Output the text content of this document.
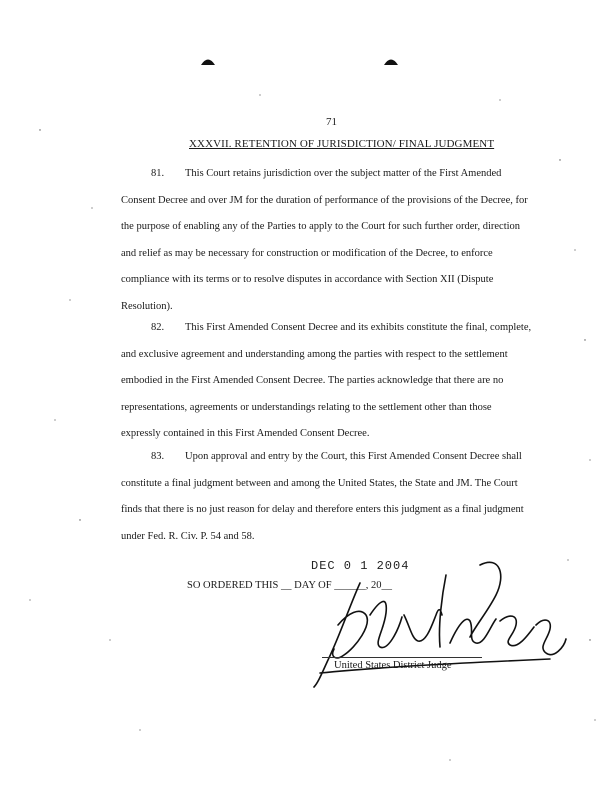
71
XXXVII. RETENTION OF JURISDICTION/ FINAL JUDGMENT
81. This Court retains jurisdiction over the subject matter of the First Amended
Consent Decree and over JM for the duration of performance of the provisions of the Decree, for
the purpose of enabling any of the Parties to apply to the Court for such further order, direction
and relief as may be necessary for construction or modification of the Decree, to enforce
compliance with its terms or to resolve disputes in accordance with Section XII (Dispute
Resolution).
82. This First Amended Consent Decree and its exhibits constitute the final, complete,
and exclusive agreement and understanding among the parties with respect to the settlement
embodied in the First Amended Consent Decree. The parties acknowledge that there are no
representations, agreements or understandings relating to the settlement other than those
expressly contained in this First Amended Consent Decree.
83. Upon approval and entry by the Court, this First Amended Consent Decree shall
constitute a final judgment between and among the United States, the State and JM. The Court
finds that there is no just reason for delay and therefore enters this judgment as a final judgment
under Fed. R. Civ. P. 54 and 58.
DEC 0 1 2004
SO ORDERED THIS __ DAY OF ______, 20__
United States District Judge
